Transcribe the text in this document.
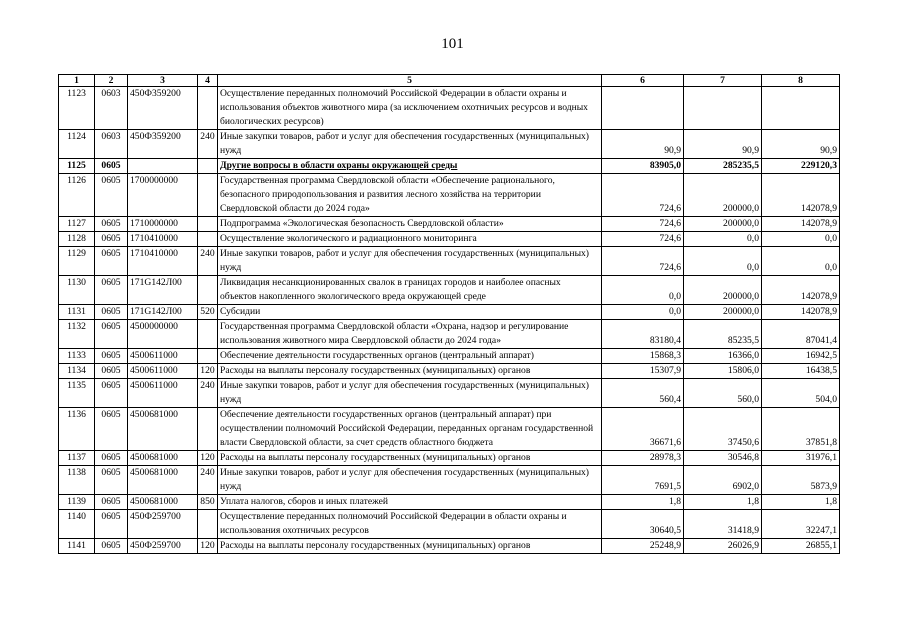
101
1	2	3	4	5	6	7	8
1123	0603	450Ф359200		Осуществление переданных полномочий Российской Федерации в области охраны и использования объектов животного мира (за исключением охотничьих ресурсов и водных биологических ресурсов)			
1124	0603	450Ф359200	240	Иные закупки товаров, работ и услуг для обеспечения государственных (муниципальных) нужд	90,9	90,9	90,9
1125	0605			Другие вопросы в области охраны окружающей среды	83905,0	285235,5	229120,3
1126	0605	1700000000		Государственная программа Свердловской области «Обеспечение рационального, безопасного природопользования и развития лесного хозяйства на территории Свердловской области до 2024 года»	724,6	200000,0	142078,9
1127	0605	1710000000		Подпрограмма «Экологическая безопасность Свердловской области»	724,6	200000,0	142078,9
1128	0605	1710410000		Осуществление экологического и радиационного мониторинга	724,6	0,0	0,0
1129	0605	1710410000	240	Иные закупки товаров, работ и услуг для обеспечения государственных (муниципальных) нужд	724,6	0,0	0,0
1130	0605	171G142Л00		Ликвидация несанкционированных свалок в границах городов и наиболее опасных объектов накопленного экологического вреда окружающей среде	0,0	200000,0	142078,9
1131	0605	171G142Л00	520	Субсидии	0,0	200000,0	142078,9
1132	0605	4500000000		Государственная программа Свердловской области «Охрана, надзор и регулирование использования животного мира Свердловской области до 2024 года»	83180,4	85235,5	87041,4
1133	0605	4500611000		Обеспечение деятельности государственных органов (центральный аппарат)	15868,3	16366,0	16942,5
1134	0605	4500611000	120	Расходы на выплаты персоналу государственных (муниципальных) органов	15307,9	15806,0	16438,5
1135	0605	4500611000	240	Иные закупки товаров, работ и услуг для обеспечения государственных (муниципальных) нужд	560,4	560,0	504,0
1136	0605	4500681000		Обеспечение деятельности государственных органов (центральный аппарат) при осуществлении полномочий Российской Федерации, переданных органам государственной власти Свердловской области, за счет средств областного бюджета	36671,6	37450,6	37851,8
1137	0605	4500681000	120	Расходы на выплаты персоналу государственных (муниципальных) органов	28978,3	30546,8	31976,1
1138	0605	4500681000	240	Иные закупки товаров, работ и услуг для обеспечения государственных (муниципальных) нужд	7691,5	6902,0	5873,9
1139	0605	4500681000	850	Уплата налогов, сборов и иных платежей	1,8	1,8	1,8
1140	0605	450Ф259700		Осуществление переданных полномочий Российской Федерации в области охраны и использования охотничьих ресурсов	30640,5	31418,9	32247,1
1141	0605	450Ф259700	120	Расходы на выплаты персоналу государственных (муниципальных) органов	25248,9	26026,9	26855,1
